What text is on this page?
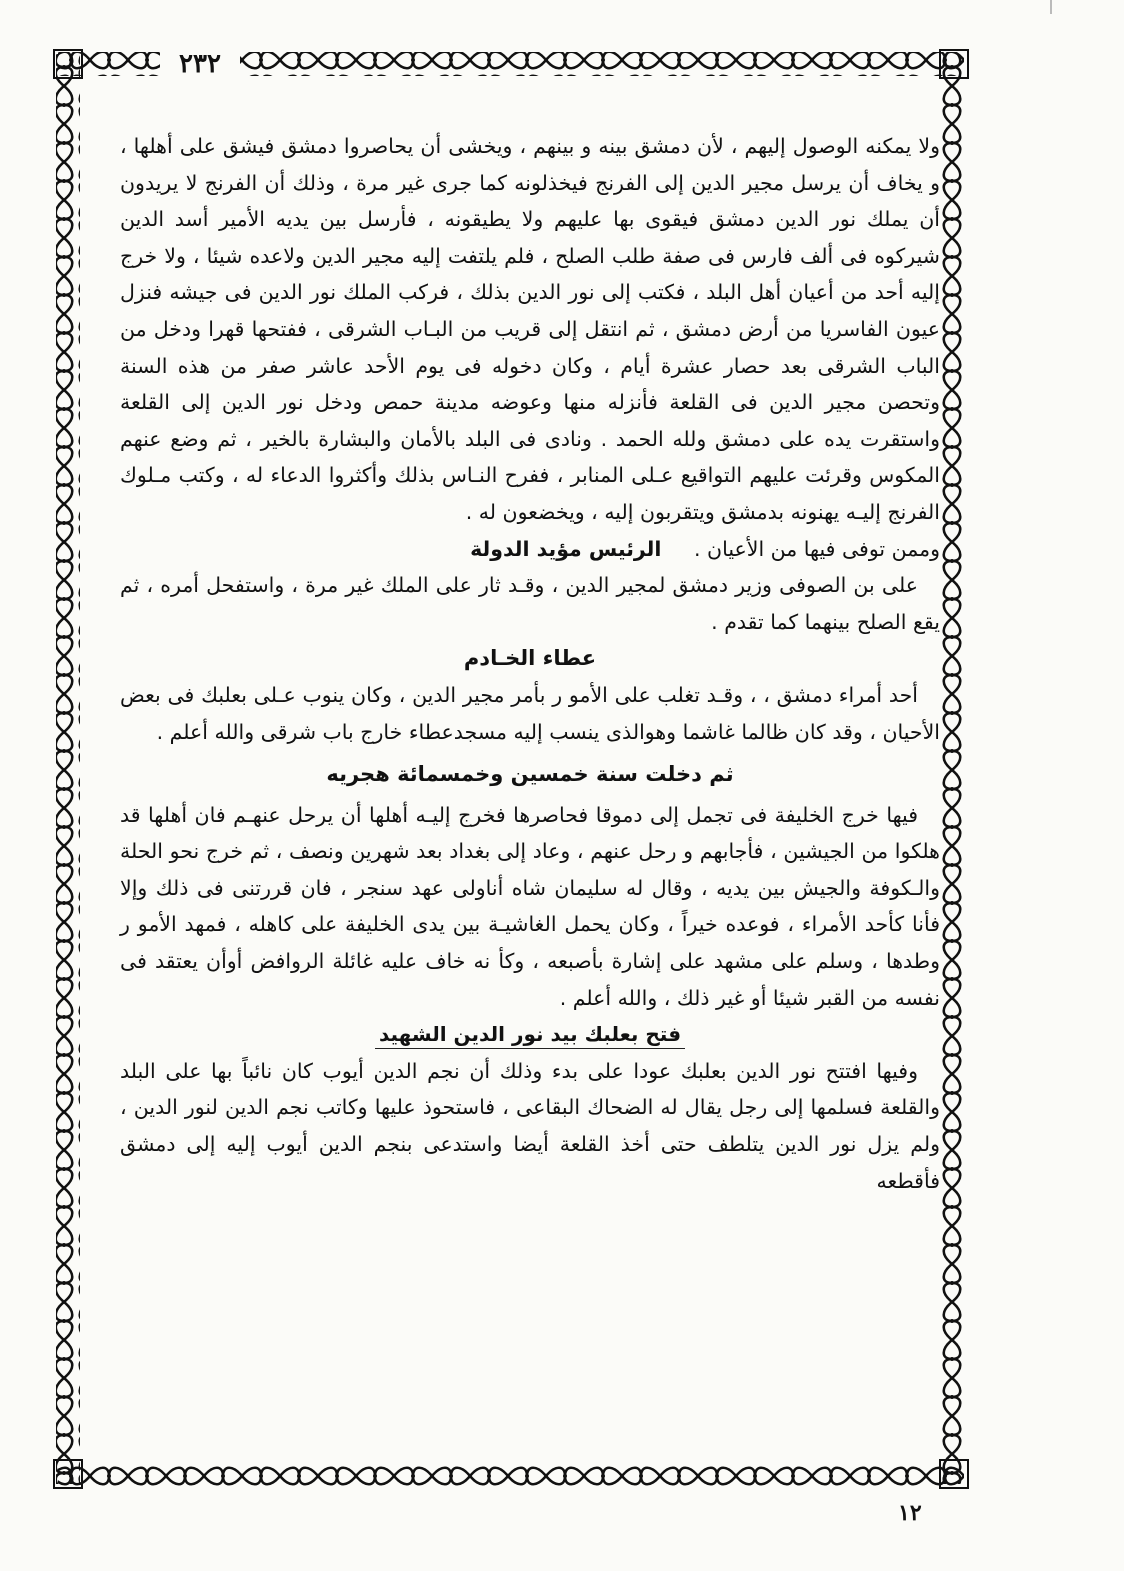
٢٣٢

ولا يمكنه الوصول إليهم ، لأن دمشق بينه و بينهم ، ويخشى أن يحاصروا دمشق فيشق على أهلها ، و يخاف أن يرسل مجير الدين إلى الفرنج فيخذلونه كما جرى غير مرة ، وذلك أن الفرنج لا يريدون أن يملك نور الدين دمشق فيقوى بها عليهم ولا يطيقونه ، فأرسل بين يديه الأمير أسد الدين شيركوه فى ألف فارس فى صفة طلب الصلح ، فلم يلتفت إليه مجير الدين ولاعده شيئا ، ولا خرج إليه أحد من أعيان أهل البلد ، فكتب إلى نور الدين بذلك ، فركب الملك نور الدين فى جيشه فنزل عيون الفاسريا من أرض دمشق ، ثم انتقل إلى قريب من البـاب الشرقى ، ففتحها قهرا ودخل من الباب الشرقى بعد حصار عشرة أيام ، وكان دخوله فى يوم الأحد عاشر صفر من هذه السنة وتحصن مجير الدين فى القلعة فأنزله منها وعوضه مدينة حمص ودخل نور الدين إلى القلعة واستقرت يده على دمشق ولله الحمد . ونادى فى البلد بالأمان والبشارة بالخير ، ثم وضع عنهم المكوس وقرئت عليهم التواقيع عـلى المنابر ، ففرح النـاس بذلك وأكثروا الدعاء له ، وكتب مـلوك الفرنج إليـه يهنونه بدمشق ويتقربون إليه ، ويخضعون له .

وممن توفى فيها من الأعيان .     الرئيس مؤيد الدولة

على بن الصوفى وزير دمشق لمجير الدين ، وقـد ثار على الملك غير مرة ، واستفحل أمره ، ثم يقع الصلح بينهما كما تقدم .

عطاء الخـادم

أحد أمراء دمشق ، ، وقـد تغلب على الأمو ر بأمر مجير الدين ، وكان ينوب عـلى بعلبك فى بعض الأحيان ، وقد كان ظالما غاشما وهوالذى ينسب إليه مسجدعطاء خارج باب شرقى والله أعلم .

ثم دخلت سنة خمسين وخمسمائة هجريه

فيها خرج الخليفة فى تجمل إلى دموقا فحاصرها فخرج إليـه أهلها أن يرحل عنهـم فان أهلها قد هلكوا من الجيشين ، فأجابهم و رحل عنهم ، وعاد إلى بغداد بعد شهرين ونصف ، ثم خرج نحو الحلة والـكوفة والجيش بين يديه ، وقال له سليمان شاه أناولى عهد سنجر ، فان قررتنى فى ذلك وإلا فأنا كأحد الأمراء ، فوعده خيراً ، وكان يحمل الغاشيـة بين يدى الخليفة على كاهله ، فمهد الأمو ر وطدها ، وسلم على مشهد على إشارة بأصبعه ، وكأ نه خاف عليه غائلة الروافض أوأن يعتقد فى نفسه من القبر شيئا أو غير ذلك ، والله أعلم .

فتح بعلبك بيد نور الدين الشهيد

وفيها افتتح نور الدين بعلبك عودا على بدء وذلك أن نجم الدين أيوب كان نائباً بها على البلد والقلعة فسلمها إلى رجل يقال له الضحاك البقاعى ، فاستحوذ عليها وكاتب نجم الدين لنور الدين ، ولم يزل نور الدين يتلطف حتى أخذ القلعة أيضا واستدعى بنجم الدين أيوب إليه إلى دمشق فأقطعه

١٢
